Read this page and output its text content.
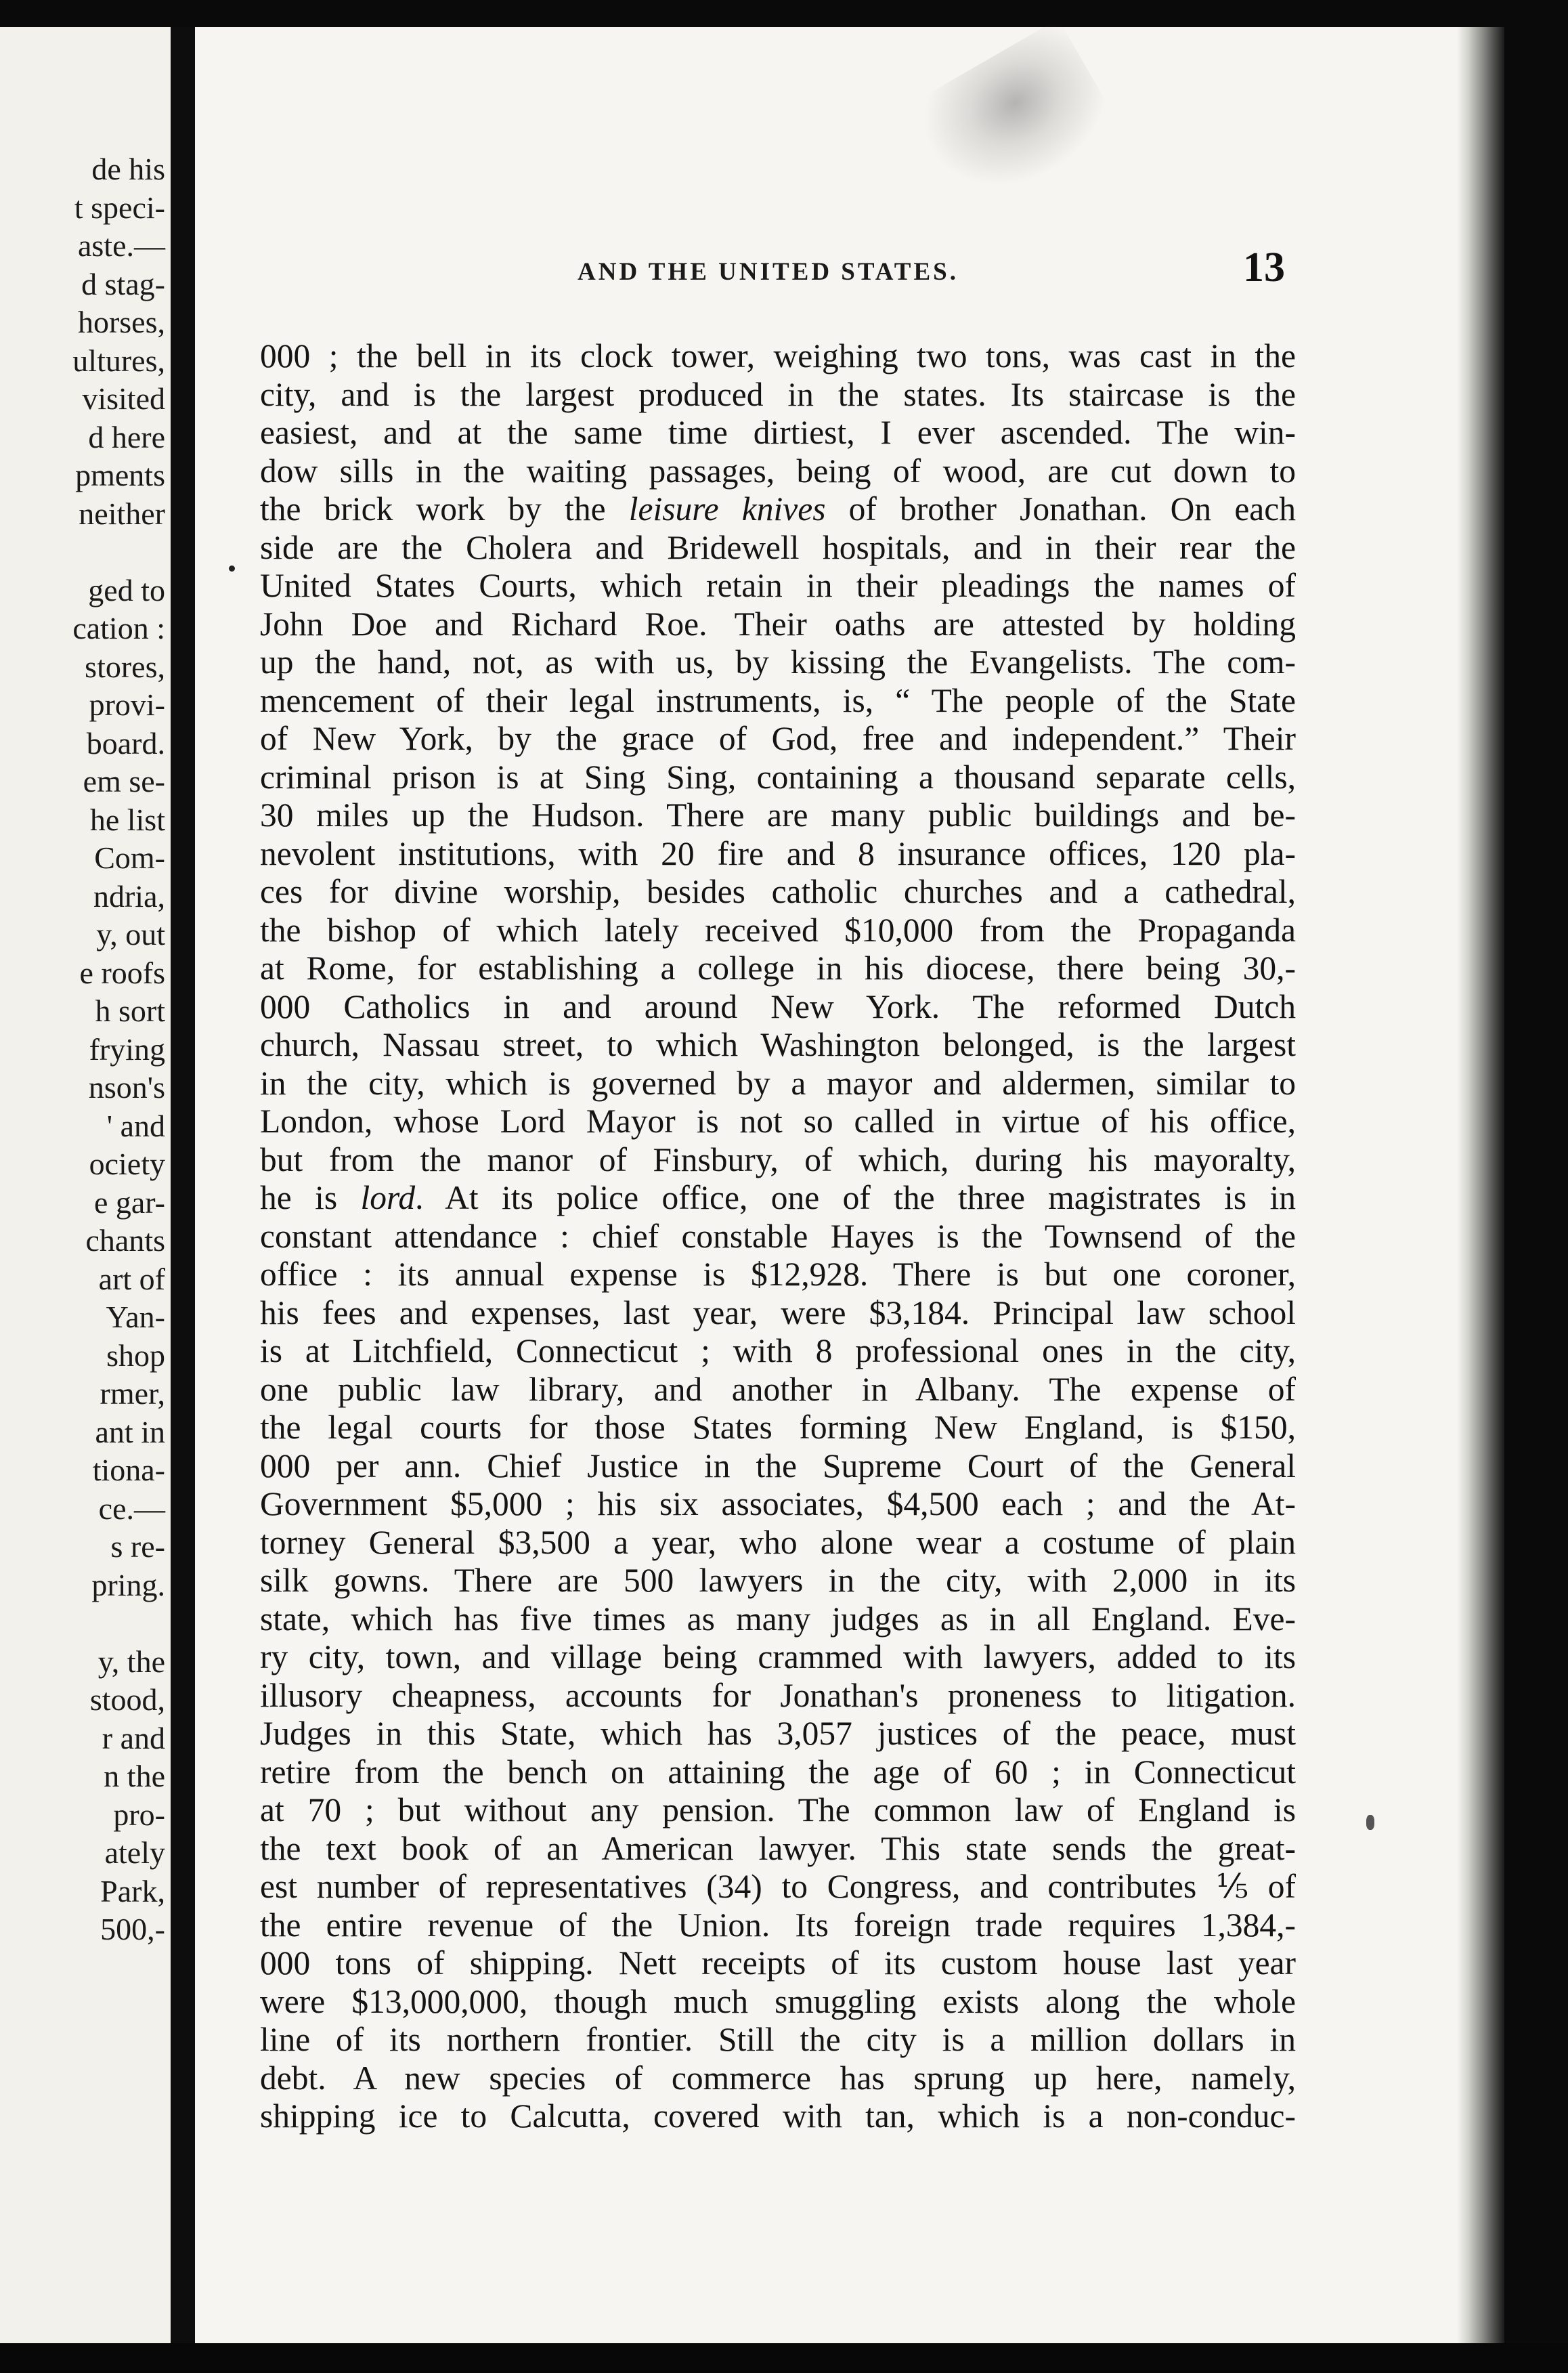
de his
t speci-
aste.—
d stag-
horses,
ultures,
visited
d here
pments
neither
ged to
cation :
stores,
provi-
board.
em se-
he list
Com-
ndria,
y, out
e roofs
h sort
frying
nson's
' and
ociety
e gar-
chants
art of
Yan-
shop
rmer,
ant in
tiona-
ce.—
s re-
pring.
y, the
stood,
r and
n the
pro-
ately
Park,
500,-
AND THE UNITED STATES.	13
000 ; the bell in its clock tower, weighing two tons, was cast in the
city, and is the largest produced in the states. Its staircase is the
easiest, and at the same time dirtiest, I ever ascended. The win-
dow sills in the waiting passages, being of wood, are cut down to
the brick work by the leisure knives of brother Jonathan. On each
side are the Cholera and Bridewell hospitals, and in their rear the
United States Courts, which retain in their pleadings the names of
John Doe and Richard Roe. Their oaths are attested by holding
up the hand, not, as with us, by kissing the Evangelists. The com-
mencement of their legal instruments, is, “ The people of the State
of New York, by the grace of God, free and independent.” Their
criminal prison is at Sing Sing, containing a thousand separate cells,
30 miles up the Hudson. There are many public buildings and be-
nevolent institutions, with 20 fire and 8 insurance offices, 120 pla-
ces for divine worship, besides catholic churches and a cathedral,
the bishop of which lately received $10,000 from the Propaganda
at Rome, for establishing a college in his diocese, there being 30,-
000 Catholics in and around New York. The reformed Dutch
church, Nassau street, to which Washington belonged, is the largest
in the city, which is governed by a mayor and aldermen, similar to
London, whose Lord Mayor is not so called in virtue of his office,
but from the manor of Finsbury, of which, during his mayoralty,
he is lord. At its police office, one of the three magistrates is in
constant attendance : chief constable Hayes is the Townsend of the
office : its annual expense is $12,928. There is but one coroner,
his fees and expenses, last year, were $3,184. Principal law school
is at Litchfield, Connecticut ; with 8 professional ones in the city,
one public law library, and another in Albany. The expense of
the legal courts for those States forming New England, is $150,
000 per ann. Chief Justice in the Supreme Court of the General
Government $5,000 ; his six associates, $4,500 each ; and the At-
torney General $3,500 a year, who alone wear a costume of plain
silk gowns. There are 500 lawyers in the city, with 2,000 in its
state, which has five times as many judges as in all England. Eve-
ry city, town, and village being crammed with lawyers, added to its
illusory cheapness, accounts for Jonathan's proneness to litigation.
Judges in this State, which has 3,057 justices of the peace, must
retire from the bench on attaining the age of 60 ; in Connecticut
at 70 ; but without any pension. The common law of England is
the text book of an American lawyer. This state sends the great-
est number of representatives (34) to Congress, and contributes ⅕ of
the entire revenue of the Union. Its foreign trade requires 1,384,-
000 tons of shipping. Nett receipts of its custom house last year
were $13,000,000, though much smuggling exists along the whole
line of its northern frontier. Still the city is a million dollars in
debt. A new species of commerce has sprung up here, namely,
shipping ice to Calcutta, covered with tan, which is a non-conduc-
